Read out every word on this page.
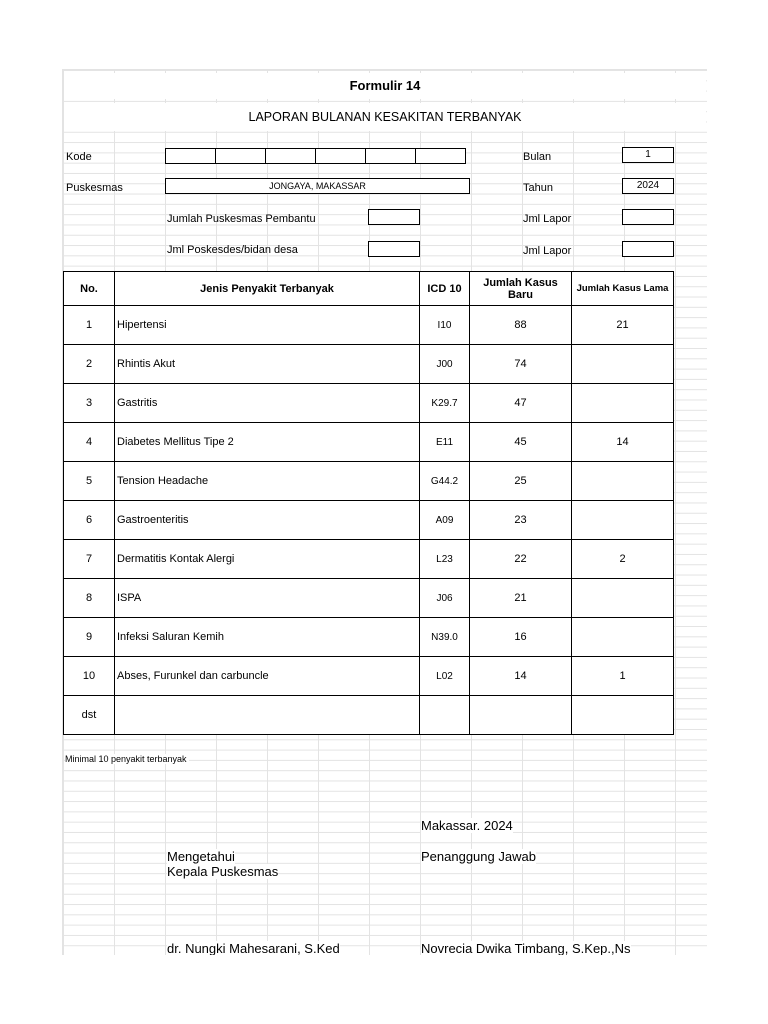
Formulir 14
LAPORAN BULANAN KESAKITAN TERBANYAK
Kode	Bulan	1
Puskesmas	JONGAYA, MAKASSAR	Tahun	2024
Jumlah Puskesmas Pembantu	Jml Lapor
Jml Poskesdes/bidan desa	Jml Lapor
No.	Jenis Penyakit Terbanyak	ICD 10	Jumlah Kasus Baru	Jumlah Kasus Lama
1	Hipertensi	I10	88	21
2	Rhintis Akut	J00	74	
3	Gastritis	K29.7	47	
4	Diabetes Mellitus Tipe 2	E11	45	14
5	Tension Headache	G44.2	25	
6	Gastroenteritis	A09	23	
7	Dermatitis Kontak Alergi	L23	22	2
8	ISPA	J06	21	
9	Infeksi Saluran Kemih	N39.0	16	
10	Abses, Furunkel dan carbuncle	L02	14	1
dst				
Minimal 10 penyakit terbanyak
Makassar. 2024
Mengetahui
Kepala Puskesmas
Penanggung Jawab
dr. Nungki Mahesarani, S.Ked	Novrecia Dwika Timbang, S.Kep.,Ns
